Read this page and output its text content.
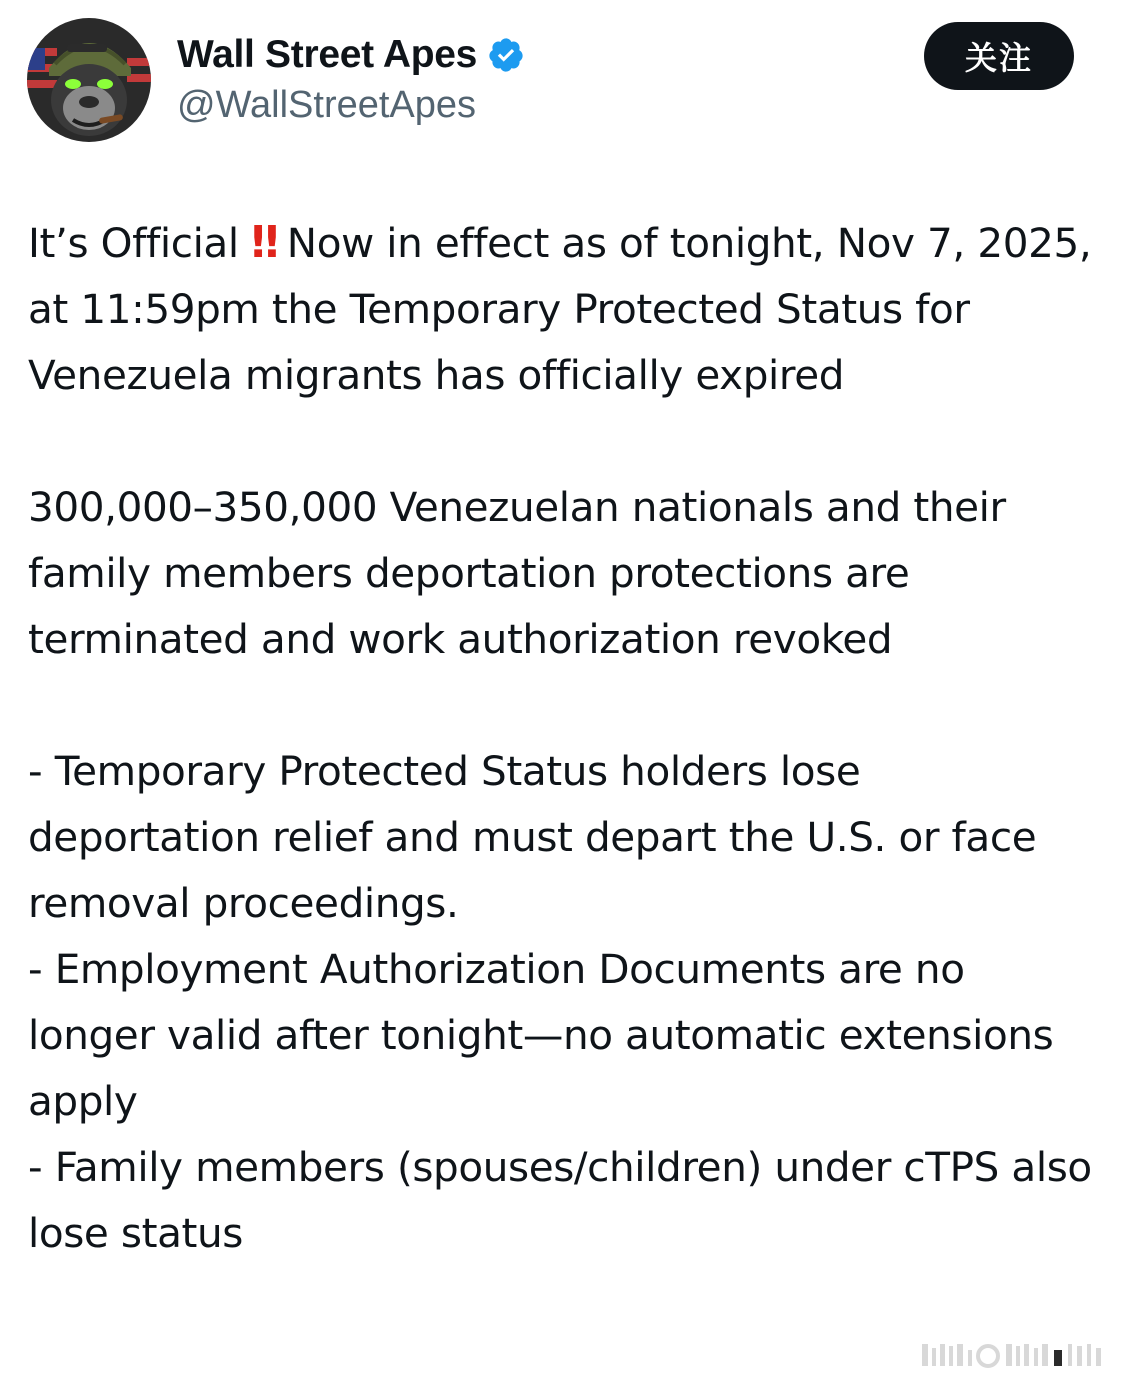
Wall Street Apes
@WallStreetApes
关注

It’s Official ‼ Now in effect as of tonight, Nov 7, 2025, at 11:59pm the Temporary Protected Status for Venezuela migrants has officially expired

300,000–350,000 Venezuelan nationals and their family members deportation protections are terminated and work authorization revoked

- Temporary Protected Status holders lose deportation relief and must depart the U.S. or face removal proceedings.

- Employment Authorization Documents are no longer valid after tonight—no automatic extensions apply

- Family members (spouses/children) under cTPS also lose status
